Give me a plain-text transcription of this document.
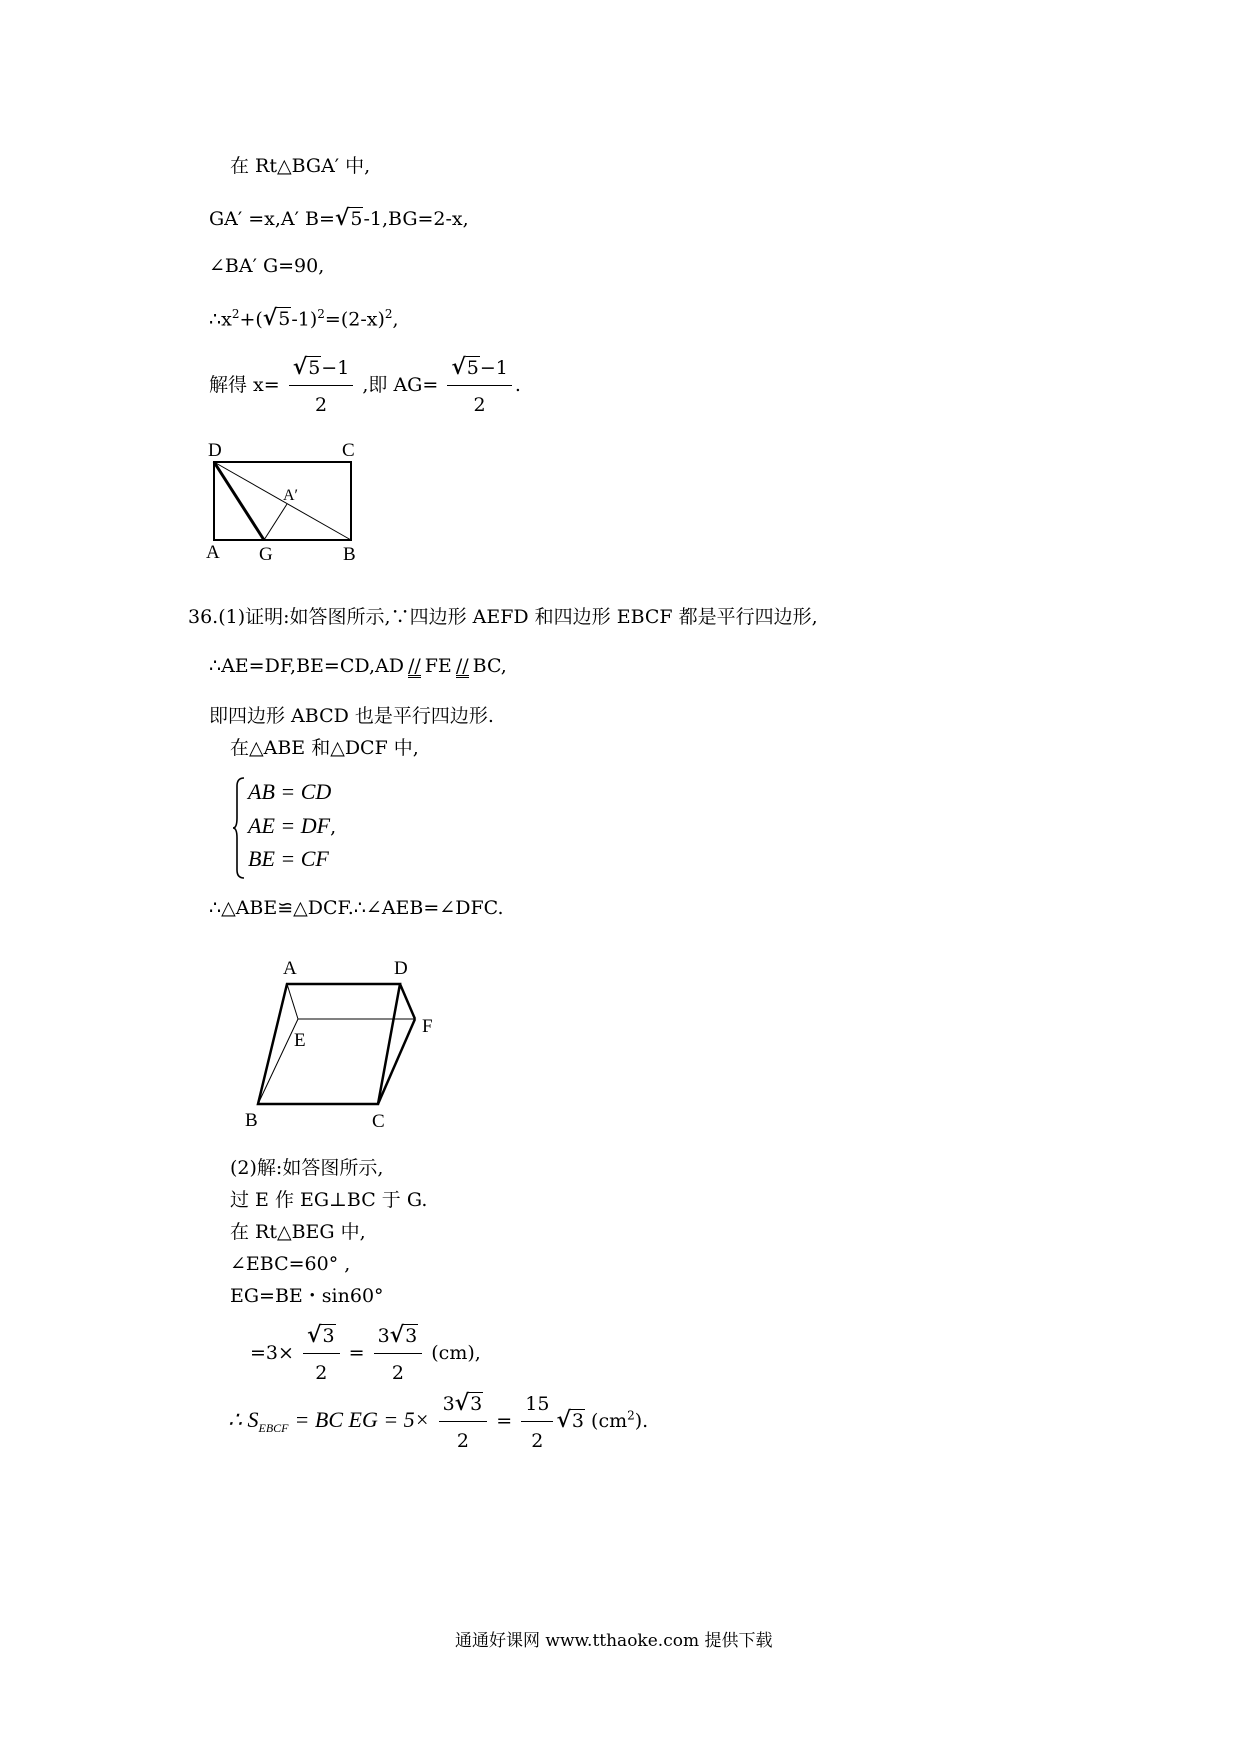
在 Rt△BGA′ 中,
GA′ =x,A′ B=√5-1,BG=2-x,
∠BA′ G=90,
$\therefore x^2+(√5-1)^2=(2-x)^2$,
解得 $x= \frac{√5-1}{2}$ ,即 $AG= \frac{√5-1}{2}$ .
D	C
A G	B
A′
36.(1)证明:如答图所示,∵四边形 AEFD 和四边形 EBCF 都是平行四边形,
∴AE=DF,BE=CD,AD // FE // BC,
即四边形 ABCD 也是平行四边形.
在△ABE 和△DCF 中,
AB = CD
AE = DF,
BE = CF
∴△ABE≌△DCF.∴∠AEB=∠DFC.
A	D
E
F
B	C
(2)解:如答图所示,
过 E 作 EG⊥BC 于 G.
在 Rt△BEG 中,
∠EBC=60° ,
EG=BE・sin60°
$=3\times \frac{√3}{2} = \frac{3√3}{2} (cm)$,
∴ $S_{EBCF}$ = BC EG = $5\times \frac{3√3}{2} = \frac{15}{2} √3$ $(cm^2)$.
通通好课网 www.tthaoke.com 提供下载
